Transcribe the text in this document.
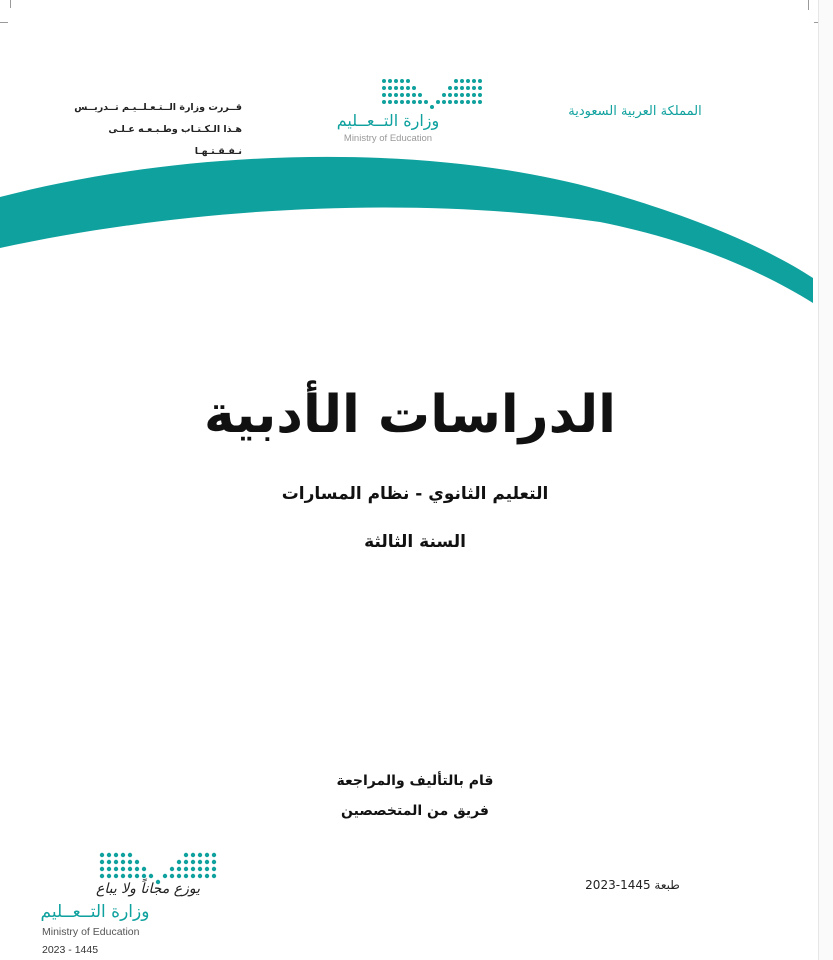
قــررت وزارة الــتـعـلــيـم تــدريــس
هـذا الـكـتـاب وطـبـعـه عـلـى نـفـقـتـهـا
وزارة التــعــليم
Ministry of Education
المملكة العربية السعودية
الدراسات الأدبية
التعليم الثانوي - نظام المسارات
السنة الثالثة
قام بالتأليف والمراجعة
فريق من المتخصصين
طبعة 1445-2023
يوزع مجاناً ولا يباع
وزارة التــعــليم
Ministry of Education
2023 - 1445
